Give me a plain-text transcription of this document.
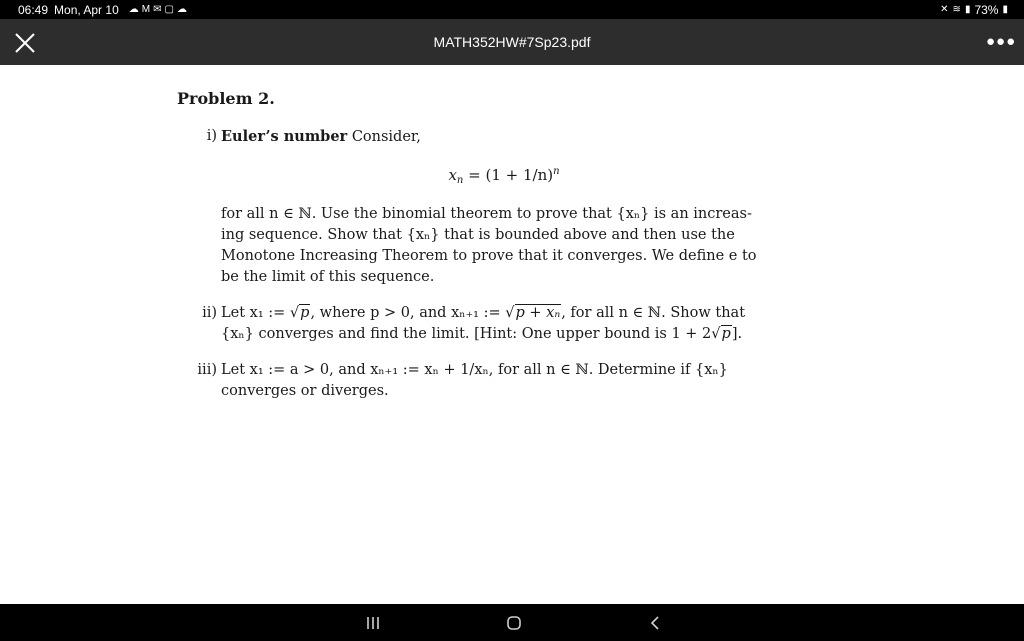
06:49 Mon, Apr 10 ☁ M ✉ ▢ ☁	✕ ≋ ▮ 73% ▮
MATH352HW#7Sp23.pdf	●●●
Problem 2.
i) Euler’s number Consider,
$x_n = (1 + 1/n)^n$
for all n ∈ ℕ. Use the binomial theorem to prove that {xₙ} is an increas-
ing sequence. Show that {xₙ} that is bounded above and then use the
Monotone Increasing Theorem to prove that it converges. We define e to
be the limit of this sequence.
ii) Let x₁ := √p, where p > 0, and xₙ₊₁ := √p + xₙ, for all n ∈ ℕ. Show that
{xₙ} converges and find the limit. [Hint: One upper bound is 1 + 2√p].
iii) Let x₁ := a > 0, and xₙ₊₁ := xₙ + 1/xₙ, for all n ∈ ℕ. Determine if {xₙ}
converges or diverges.
